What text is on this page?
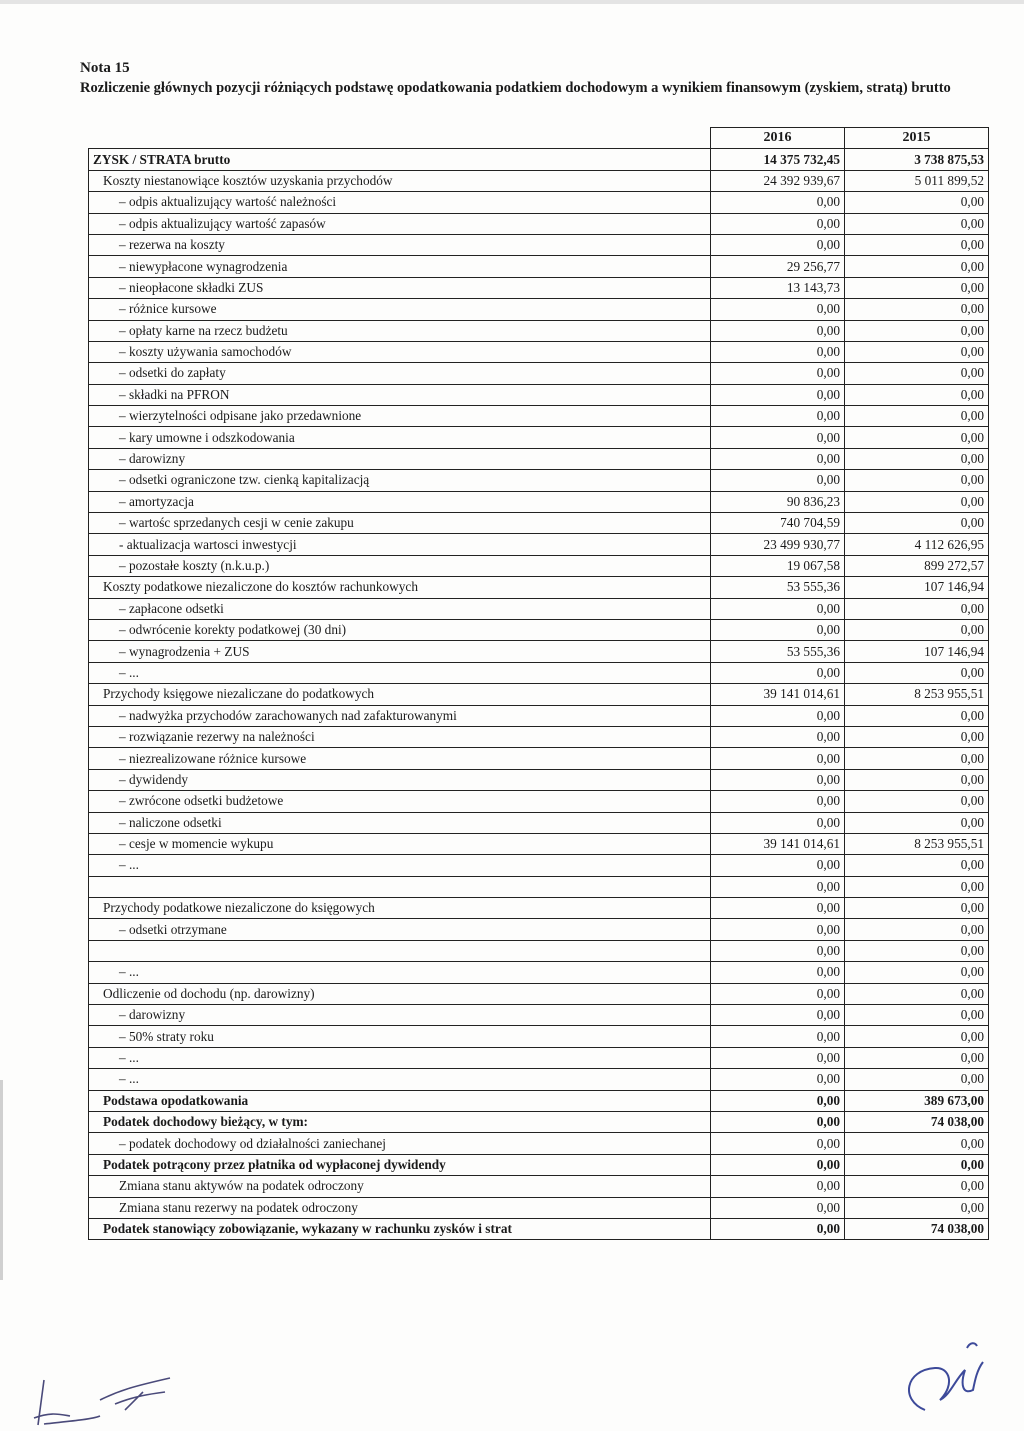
Nota 15
Rozliczenie głównych pozycji różniących podstawę opodatkowania podatkiem dochodowym a wynikiem finansowym (zyskiem, stratą) brutto
	2016	2015
ZYSK / STRATA brutto	14 375 732,45	3 738 875,53
Koszty niestanowiące kosztów uzyskania przychodów	24 392 939,67	5 011 899,52
– odpis aktualizujący wartość należności	0,00	0,00
– odpis aktualizujący wartość zapasów	0,00	0,00
– rezerwa na koszty	0,00	0,00
– niewypłacone wynagrodzenia	29 256,77	0,00
– nieopłacone składki ZUS	13 143,73	0,00
– różnice kursowe	0,00	0,00
– opłaty karne na rzecz budżetu	0,00	0,00
– koszty używania samochodów	0,00	0,00
– odsetki do zapłaty	0,00	0,00
– składki na PFRON	0,00	0,00
– wierzytelności odpisane jako przedawnione	0,00	0,00
– kary umowne i odszkodowania	0,00	0,00
– darowizny	0,00	0,00
– odsetki ograniczone tzw. cienką kapitalizacją	0,00	0,00
– amortyzacja	90 836,23	0,00
– wartośc sprzedanych cesji w cenie zakupu	740 704,59	0,00
- aktualizacja wartosci inwestycji	23 499 930,77	4 112 626,95
– pozostałe koszty (n.k.u.p.)	19 067,58	899 272,57
Koszty podatkowe niezaliczone do kosztów rachunkowych	53 555,36	107 146,94
– zapłacone odsetki	0,00	0,00
– odwrócenie korekty podatkowej (30 dni)	0,00	0,00
– wynagrodzenia + ZUS	53 555,36	107 146,94
– ...	0,00	0,00
Przychody księgowe niezaliczane do podatkowych	39 141 014,61	8 253 955,51
– nadwyżka przychodów zarachowanych nad zafakturowanymi	0,00	0,00
– rozwiązanie rezerwy na należności	0,00	0,00
– niezrealizowane różnice kursowe	0,00	0,00
– dywidendy	0,00	0,00
– zwrócone odsetki budżetowe	0,00	0,00
– naliczone odsetki	0,00	0,00
– cesje w momencie wykupu	39 141 014,61	8 253 955,51
– ...	0,00	0,00
	0,00	0,00
Przychody podatkowe niezaliczone do księgowych	0,00	0,00
– odsetki otrzymane	0,00	0,00
	0,00	0,00
– ...	0,00	0,00
Odliczenie od dochodu (np. darowizny)	0,00	0,00
– darowizny	0,00	0,00
– 50% straty roku	0,00	0,00
– ...	0,00	0,00
– ...	0,00	0,00
Podstawa opodatkowania	0,00	389 673,00
Podatek dochodowy bieżący, w tym:	0,00	74 038,00
– podatek dochodowy od działalności zaniechanej	0,00	0,00
Podatek potrącony przez płatnika od wypłaconej dywidendy	0,00	0,00
Zmiana stanu aktywów na podatek odroczony	0,00	0,00
Zmiana stanu rezerwy na podatek odroczony	0,00	0,00
Podatek stanowiący zobowiązanie, wykazany w rachunku zysków i strat	0,00	74 038,00
